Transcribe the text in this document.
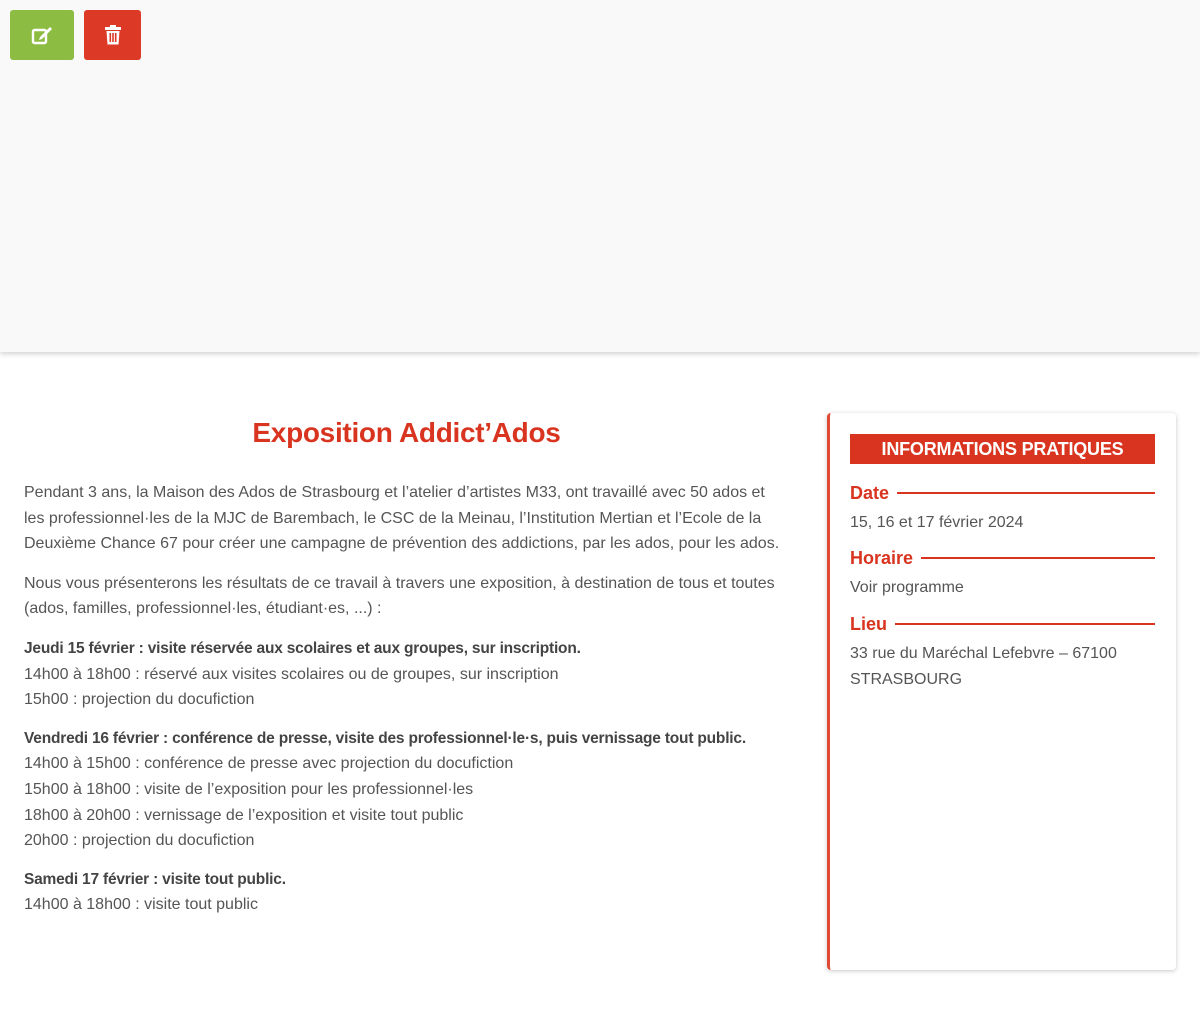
Exposition Addict’Ados

Pendant 3 ans, la Maison des Ados de Strasbourg et l’atelier d’artistes M33, ont travaillé avec 50 ados et les professionnel·les de la MJC de Barembach, le CSC de la Meinau, l’Institution Mertian et l’Ecole de la Deuxième Chance 67 pour créer une campagne de prévention des addictions, par les ados, pour les ados.

Nous vous présenterons les résultats de ce travail à travers une exposition, à destination de tous et toutes (ados, familles, professionnel·les, étudiant·es, ...) :

Jeudi 15 février : visite réservée aux scolaires et aux groupes, sur inscription.
14h00 à 18h00 : réservé aux visites scolaires ou de groupes, sur inscription
15h00 : projection du docufiction
Vendredi 16 février : conférence de presse, visite des professionnel·le·s, puis vernissage tout public.
14h00 à 15h00 : conférence de presse avec projection du docufiction
15h00 à 18h00 : visite de l’exposition pour les professionnel·les
18h00 à 20h00 : vernissage de l’exposition et visite tout public
20h00 : projection du docufiction
Samedi 17 février : visite tout public.
14h00 à 18h00 : visite tout public
INFORMATIONS PRATIQUES
Date
15, 16 et 17 février 2024
Horaire
Voir programme
Lieu
33 rue du Maréchal Lefebvre – 67100 STRASBOURG
